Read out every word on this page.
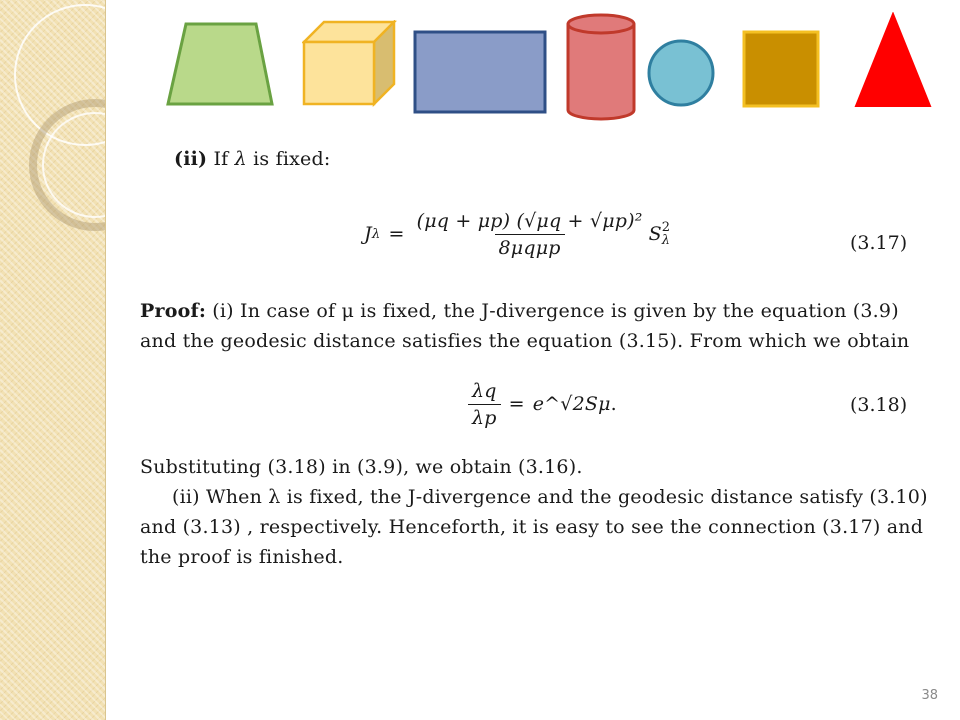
(ii) If λ is fixed:
J $\lambda = \frac{\text{(μq + μp) (√μq + √μp)²}}{\text{8μqμp}}$ S 2
λ	(3.17)
Proof: (i) In case of μ is fixed, the J-divergence is given by the equation (3.9)
and the geodesic distance satisfies the equation (3.15). From which we obtain
$\frac{\lambda q}{\lambda p}$ = e^√2Sμ .	(3.18)
Substituting (3.18) in (3.9), we obtain (3.16).
(ii) When λ is fixed, the J-divergence and the geodesic distance satisfy (3.10)
and (3.13) , respectively. Henceforth, it is easy to see the connection (3.17) and
the proof is finished.
38
